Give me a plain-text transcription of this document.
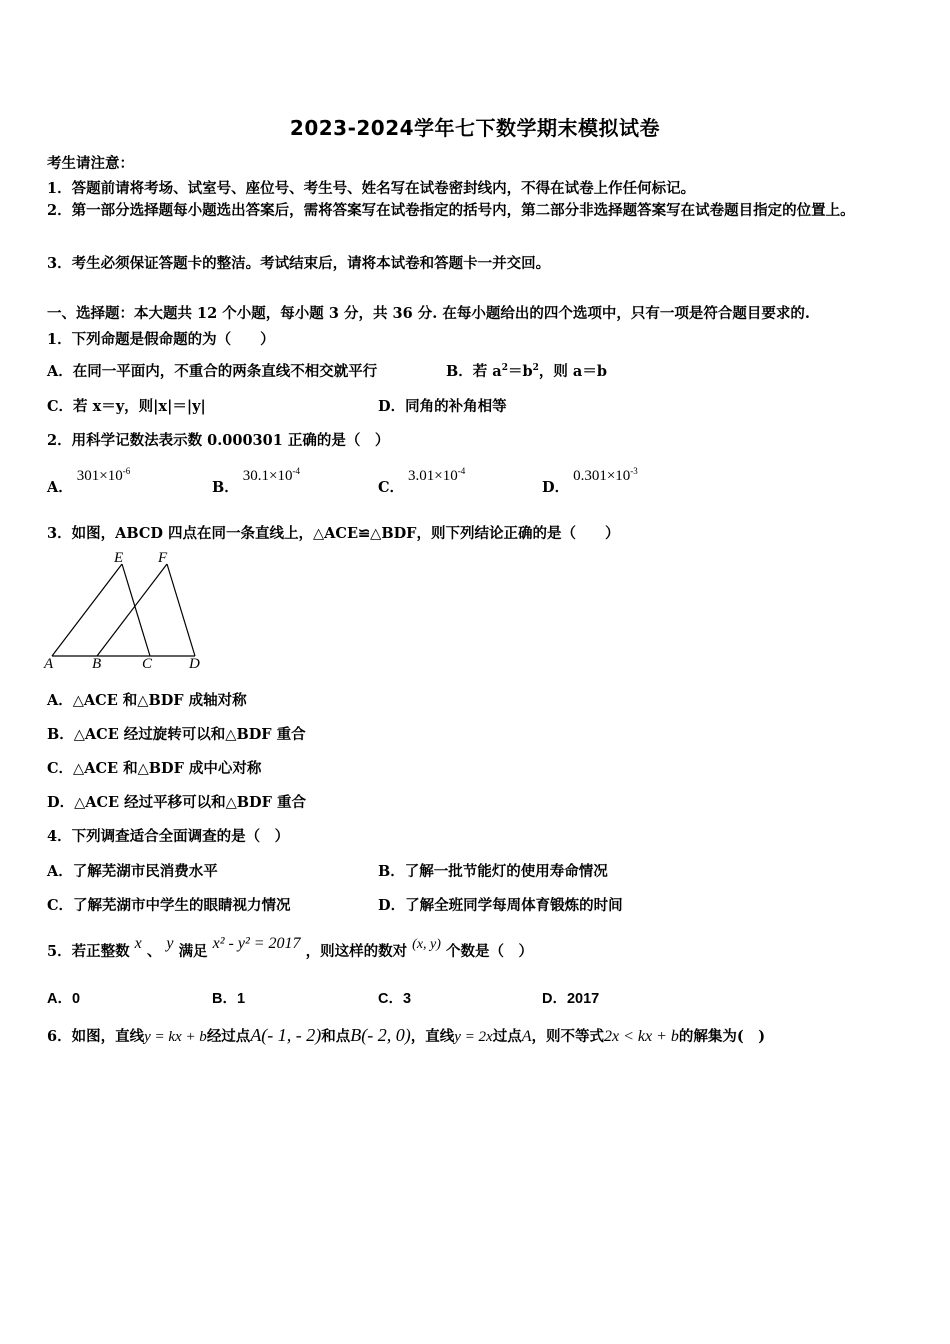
2023-2024学年七下数学期末模拟试卷
考生请注意：
1．答题前请将考场、试室号、座位号、考生号、姓名写在试卷密封线内，不得在试卷上作任何标记。
2．第一部分选择题每小题选出答案后，需将答案写在试卷指定的括号内，第二部分非选择题答案写在试卷题目指定的位置上。
3．考生必须保证答题卡的整洁。考试结束后，请将本试卷和答题卡一并交回。
一、选择题：本大题共 12 个小题，每小题 3 分，共 36 分. 在每小题给出的四个选项中，只有一项是符合题目要求的.
1．下列命题是假命题的为（　　）
A．在同一平面内，不重合的两条直线不相交就平行	B．若 $a^2=b^2$，则 a＝b
C．若 x＝y，则|x|＝|y|	D．同角的补角相等
2．用科学记数法表示数 0.000301 正确的是（　）
A．$301\times 10^{-6}$
B．$30.1\times 10^{-4}$
C．$3.01\times 10^{-4}$
D．$0.301\times 10^{-3}$
3．如图，ABCD 四点在同一条直线上，△ACE≌△BDF，则下列结论正确的是（　　）
A	B	C D
E F
A．△ACE 和△BDF 成轴对称
B．△ACE 经过旋转可以和△BDF 重合
C．△ACE 和△BDF 成中心对称
D．△ACE 经过平移可以和△BDF 重合
4．下列调查适合全面调查的是（　）
A．了解芜湖市民消费水平	B．了解一批节能灯的使用寿命情况
C．了解芜湖市中学生的眼睛视力情况	D．了解全班同学每周体育锻炼的时间
5．若正整数 x 、 y 满足 x² - y² = 2017 ，则这样的数对 (x, y) 个数是（　）
A．0	B．1	C．3	D．2017
6．如图，直线y = kx + b经过点A(- 1, - 2)和点B(- 2, 0)，直线y = 2x过点A，则不等式2x < kx + b的解集为(　)
